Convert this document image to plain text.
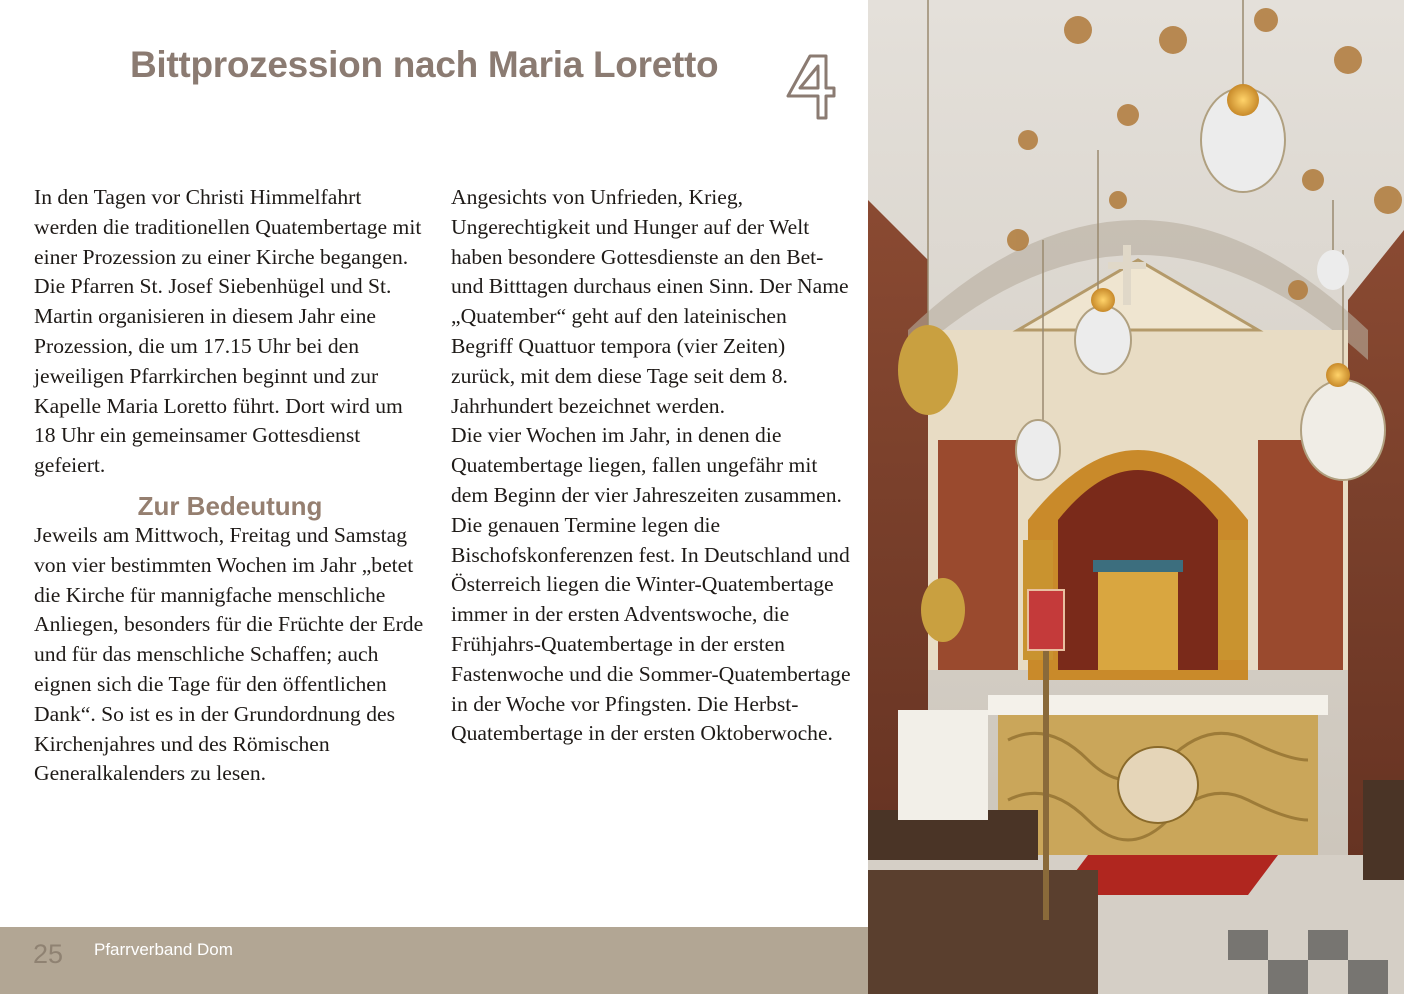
Bittprozession nach Maria Loretto

In den Tagen vor Christi Himmelfahrt werden die traditionellen Quatembertage mit einer Prozession zu einer Kirche begangen. Die Pfarren St. Josef Siebenhügel und St. Martin organisieren in diesem Jahr eine Prozession, die um 17.15 Uhr bei den jeweiligen Pfarrkirchen beginnt und zur Kapelle Maria Loretto führt. Dort wird um 18 Uhr ein gemeinsamer Gottesdienst gefeiert.

Zur Bedeutung

Jeweils am Mittwoch, Freitag und Samstag von vier bestimmten Wochen im Jahr „betet die Kirche für mannigfache menschliche Anliegen, besonders für die Früchte der Erde und für das menschliche Schaffen; auch eignen sich die Tage für den öffentlichen Dank“. So ist es in der Grundordnung des Kirchenjahres und des Römischen Generalkalenders zu lesen.

Angesichts von Unfrieden, Krieg, Ungerechtigkeit und Hunger auf der Welt haben besondere Gottesdienste an den Bet- und Bitttagen durchaus einen Sinn. Der Name „Quatember“ geht auf den lateinischen Begriff Quattuor tempora (vier Zeiten) zurück, mit dem diese Tage seit dem 8. Jahrhundert bezeichnet werden.

Die vier Wochen im Jahr, in denen die Quatembertage liegen, fallen ungefähr mit dem Beginn der vier Jahreszeiten zusammen.

Die genauen Termine legen die Bischofskonferenzen fest. In Deutschland und Österreich liegen die Winter-Quatembertage immer in der ersten Adventswoche, die Frühjahrs-Quatembertage in der ersten Fastenwoche und die Sommer-Quatembertage in der Woche vor Pfingsten. Die Herbst-Quatembertage in der ersten Oktoberwoche.

25 Pfarrverband Dom
